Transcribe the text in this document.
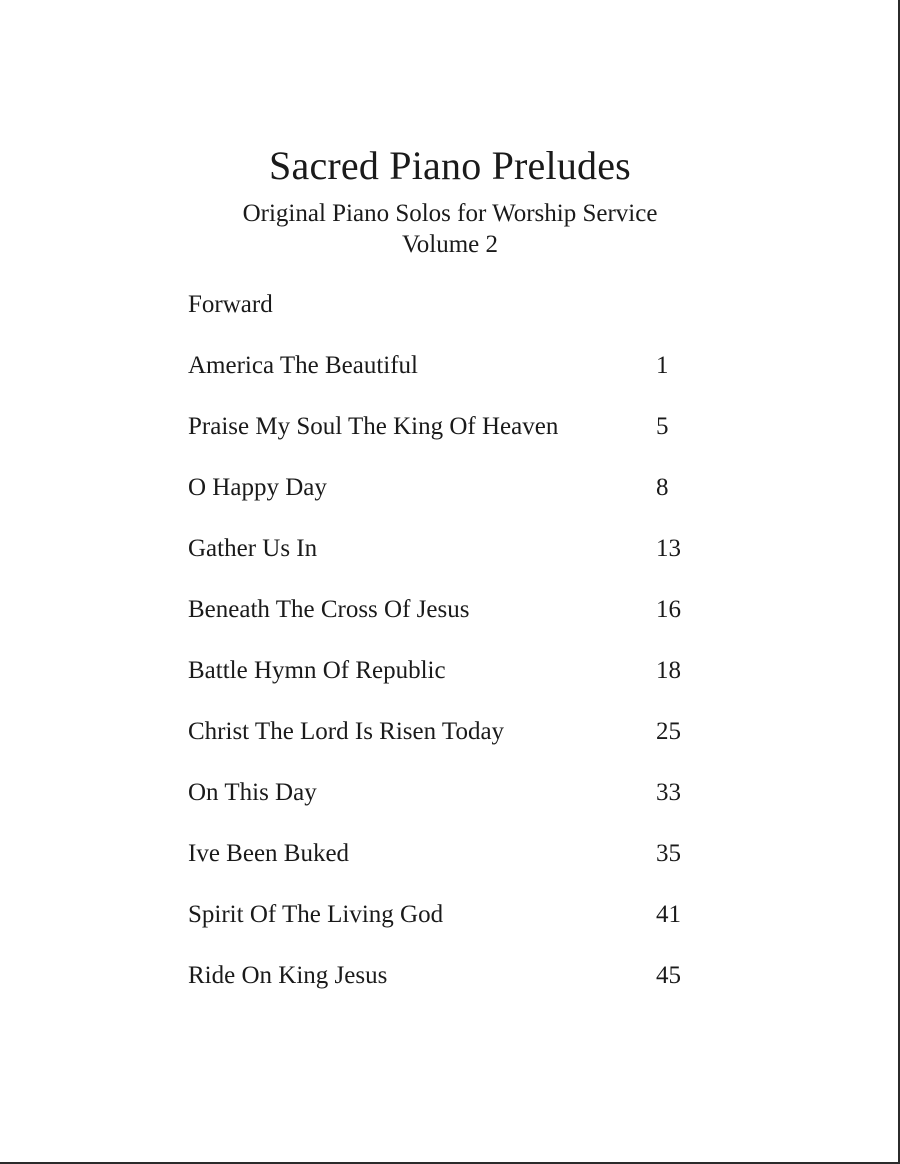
Sacred Piano Preludes
Original Piano Solos for Worship Service
Volume 2
Forward
America The Beautiful	1
Praise My Soul The King Of Heaven	5
O Happy Day	8
Gather Us In	13
Beneath The Cross Of Jesus	16
Battle Hymn Of Republic	18
Christ The Lord Is Risen Today	25
On This Day	33
Ive Been Buked	35
Spirit Of The Living God	41
Ride On King Jesus	45
